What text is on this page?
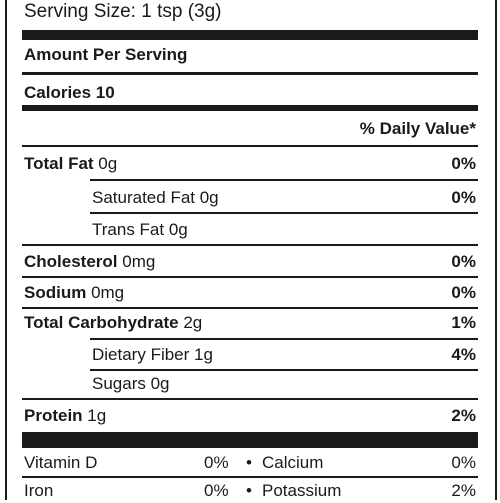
Serving Size: 1 tsp (3g)
Amount Per Serving
Calories 10
% Daily Value*
Total Fat 0g	0%
Saturated Fat 0g	0%
Trans Fat 0g
Cholesterol 0mg	0%
Sodium 0mg	0%
Total Carbohydrate 2g	1%
Dietary Fiber 1g	4%
Sugars 0g
Protein 1g	2%
Vitamin D	0% • Calcium	0%
Iron	0% • Potassium	2%
